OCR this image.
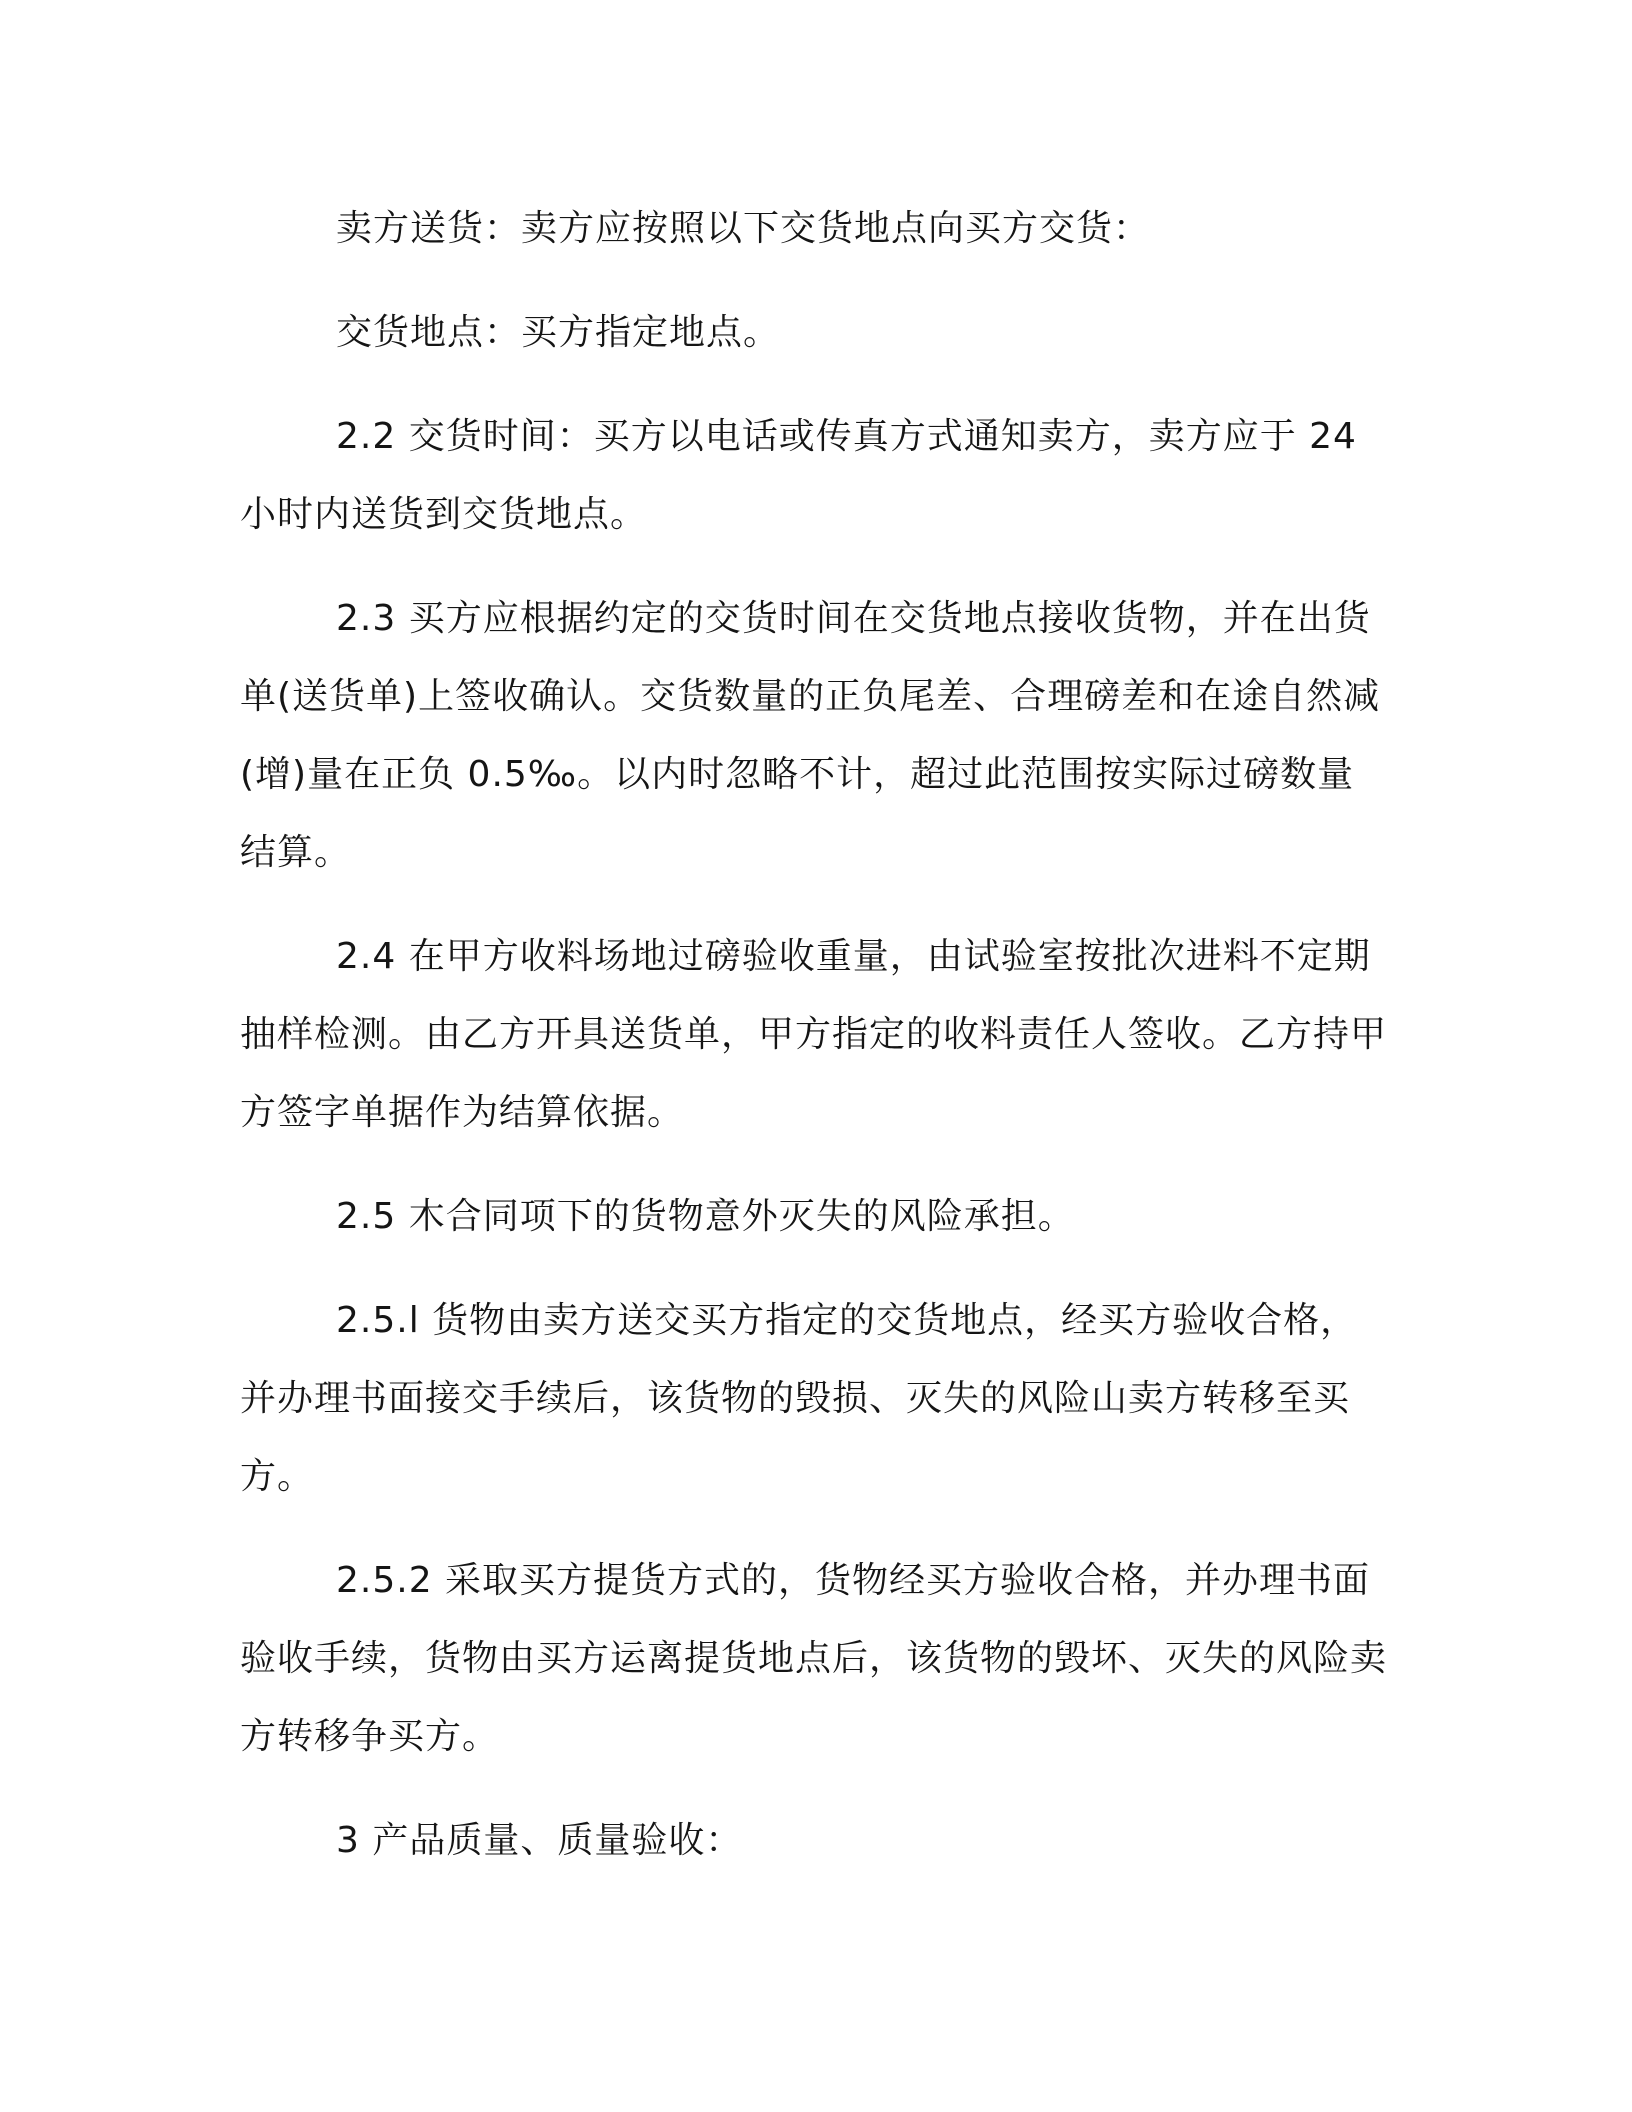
卖方送货：卖方应按照以下交货地点向买方交货：

交货地点：买方指定地点。

2.2 交货时间：买方以电话或传真方式通知卖方，卖方应于 24 小时内送货到交货地点。

2.3 买方应根据约定的交货时间在交货地点接收货物，并在出货单(送货单)上签收确认。交货数量的正负尾差、合理磅差和在途自然减(增)量在正负 0.5‰。以内时忽略不计，超过此范围按实际过磅数量结算。

2.4 在甲方收料场地过磅验收重量，由试验室按批次进料不定期抽样检测。由乙方开具送货单，甲方指定的收料责任人签收。乙方持甲方签字单据作为结算依据。

2.5 木合同项下的货物意外灭失的风险承担。

2.5.l 货物由卖方送交买方指定的交货地点，经买方验收合格，并办理书面接交手续后，该货物的毁损、灭失的风险山卖方转移至买方。

2.5.2 采取买方提货方式的，货物经买方验收合格，并办理书面验收手续，货物由买方运离提货地点后，该货物的毁坏、灭失的风险卖方转移争买方。

3 产品质量、质量验收：
